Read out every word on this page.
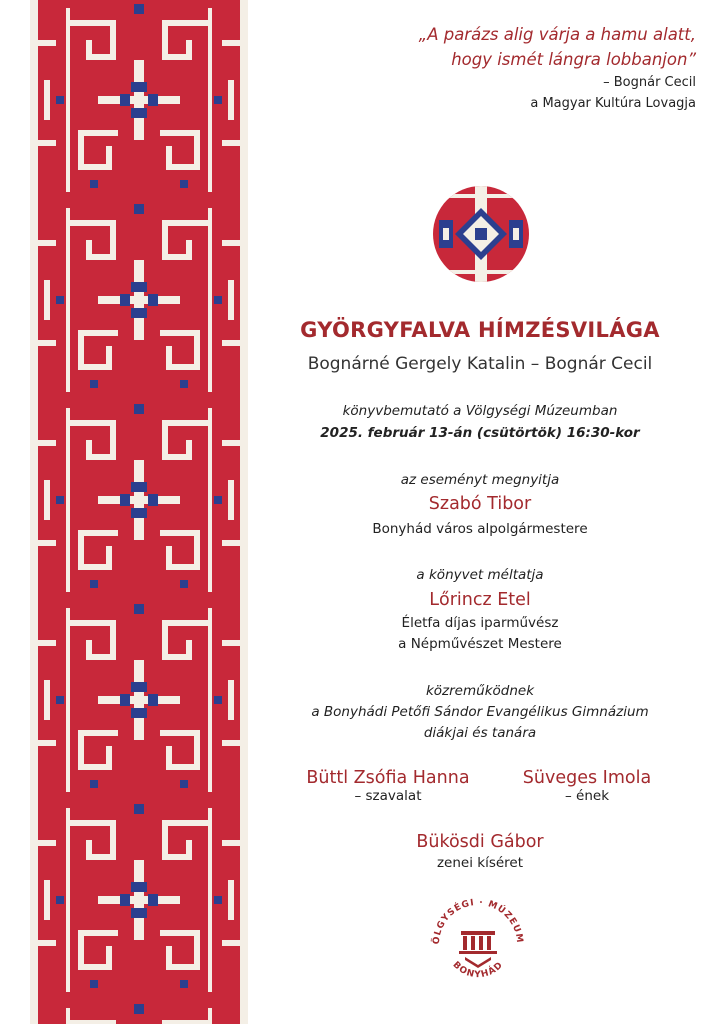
„A parázs alig várja a hamu alatt,
hogy ismét lángra lobbanjon”
– Bognár Cecil
a Magyar Kultúra Lovagja
GYÖRGYFALVA HÍMZÉSVILÁGA
Bognárné Gergely Katalin – Bognár Cecil
könyvbemutató a Völgységi Múzeumban
2025. február 13-án (csütörtök) 16:30-kor
az eseményt megnyitja
Szabó Tibor
Bonyhád város alpolgármestere
a könyvet méltatja
Lőrincz Etel
Életfa díjas iparművész
a Népművészet Mestere
közreműködnek
a Bonyhádi Petőfi Sándor Evangélikus Gimnázium
diákjai és tanára
Büttl Zsófia Hanna
– szavalat
Süveges Imola
– ének
Bükösdi Gábor
zenei kíséret
ÖLGYSÉGI · MÚZEUM
BONYHÁD
